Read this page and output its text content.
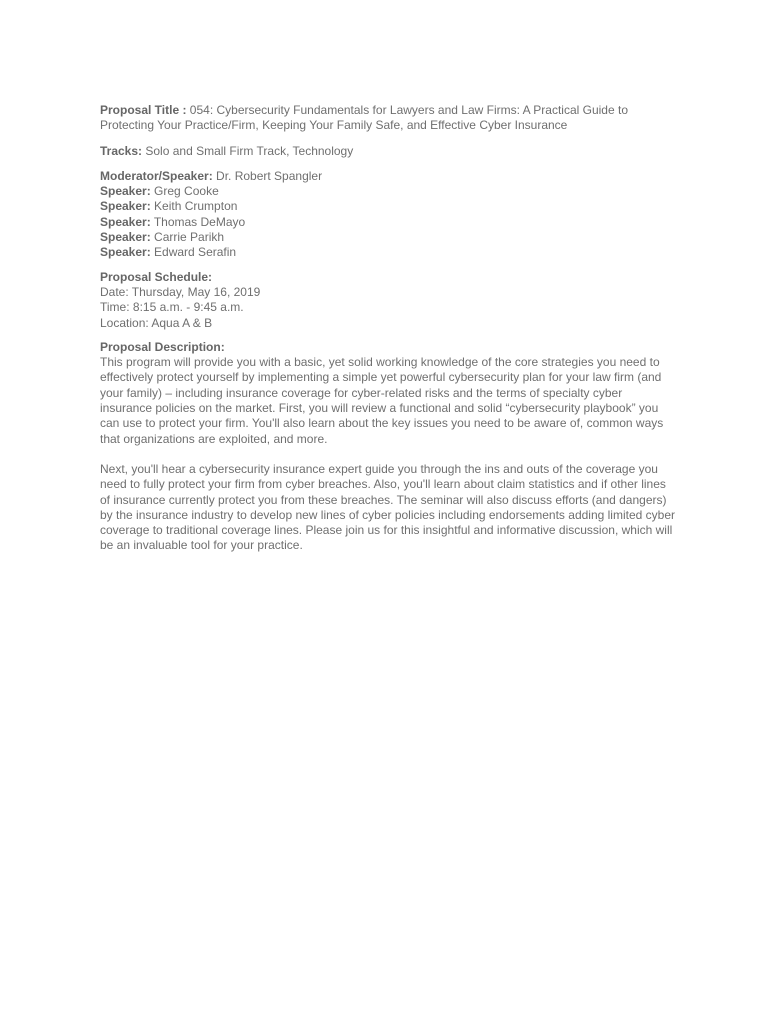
Proposal Title : 054: Cybersecurity Fundamentals for Lawyers and Law Firms: A Practical Guide to Protecting Your Practice/Firm, Keeping Your Family Safe, and Effective Cyber Insurance
Tracks: Solo and Small Firm Track, Technology
Moderator/Speaker: Dr. Robert Spangler
Speaker: Greg Cooke
Speaker: Keith Crumpton
Speaker: Thomas DeMayo
Speaker: Carrie Parikh
Speaker: Edward Serafin
Proposal Schedule:
Date: Thursday, May 16, 2019
Time: 8:15 a.m. - 9:45 a.m.
Location: Aqua A & B
Proposal Description:

This program will provide you with a basic, yet solid working knowledge of the core strategies you need to effectively protect yourself by implementing a simple yet powerful cybersecurity plan for your law firm (and your family) – including insurance coverage for cyber-related risks and the terms of specialty cyber insurance policies on the market. First, you will review a functional and solid “cybersecurity playbook” you can use to protect your firm. You'll also learn about the key issues you need to be aware of, common ways that organizations are exploited, and more.

Next, you'll hear a cybersecurity insurance expert guide you through the ins and outs of the coverage you need to fully protect your firm from cyber breaches. Also, you'll learn about claim statistics and if other lines of insurance currently protect you from these breaches. The seminar will also discuss efforts (and dangers) by the insurance industry to develop new lines of cyber policies including endorsements adding limited cyber coverage to traditional coverage lines. Please join us for this insightful and informative discussion, which will be an invaluable tool for your practice.
